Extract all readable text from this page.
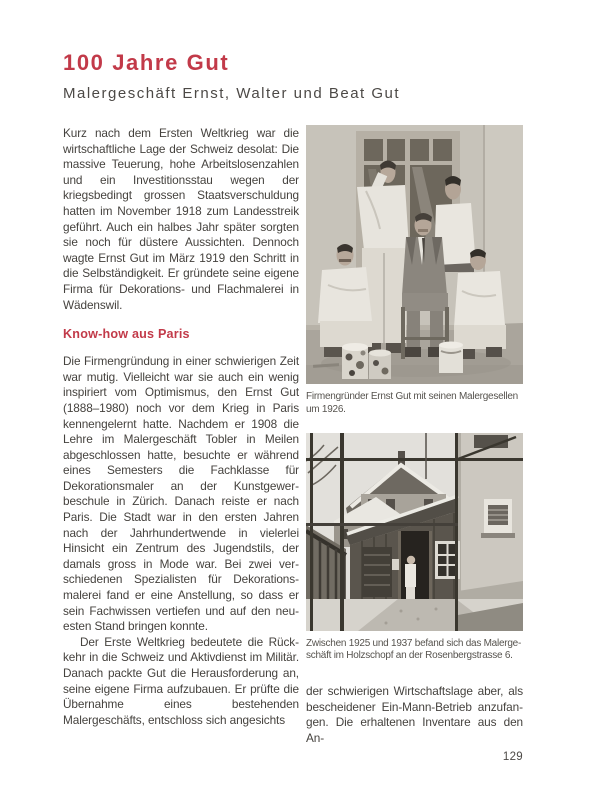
100 Jahre Gut
Malergeschäft Ernst, Walter und Beat Gut

Kurz nach dem Ersten Weltkrieg war die wirtschaftliche Lage der Schweiz desolat: Die massive Teuerung, hohe Arbeitslosenzahlen und ein Investitionsstau wegen der kriegsbedingt grossen Staatsverschuldung hatten im November 1918 zum Landesstreik geführt. Auch ein halbes Jahr später sorgten sie noch für düstere Aussichten. Dennoch wagte Ernst Gut im März 1919 den Schritt in die Selbständigkeit. Er gründete seine eigene Firma für Dekorations- und Flachmalerei in Wädenswil.

Know-how aus Paris

Die Firmengründung in einer schwierigen Zeit war mutig. Vielleicht war sie auch ein wenig inspiriert vom Optimismus, den Ernst Gut (1888–1980) noch vor dem Krieg in Paris kennengelernt hatte. Nachdem er 1908 die Lehre im Malergeschäft Tobler in Meilen abgeschlossen hatte, besuchte er während eines Semesters die Fachklasse für Dekorationsmaler an der Kunstgewerbeschule in Zürich. Danach reiste er nach Paris. Die Stadt war in den ersten Jahren nach der Jahrhundertwende in vielerlei Hinsicht ein Zentrum des Jugendstils, der damals gross in Mode war. Bei zwei verschiedenen Spezialisten für Dekorationsmalerei fand er eine Anstellung, so dass er sein Fachwissen vertiefen und auf den neuesten Stand bringen konnte.

Der Erste Weltkrieg bedeutete die Rückkehr in die Schweiz und Aktivdienst im Militär. Danach packte Gut die Herausforderung an, seine eigene Firma aufzubauen. Er prüfte die Übernahme eines bestehenden Malergeschäfts, entschloss sich angesichts

Firmengründer Ernst Gut mit seinen Malergesellen um 1926.
Zwischen 1925 und 1937 befand sich das Malergeschäft im Holzschopf an der Rosenbergstrasse 6.

der schwierigen Wirtschaftslage aber, als bescheidener Ein-Mann-Betrieb anzufangen. Die erhaltenen Inventare aus den An-

129
